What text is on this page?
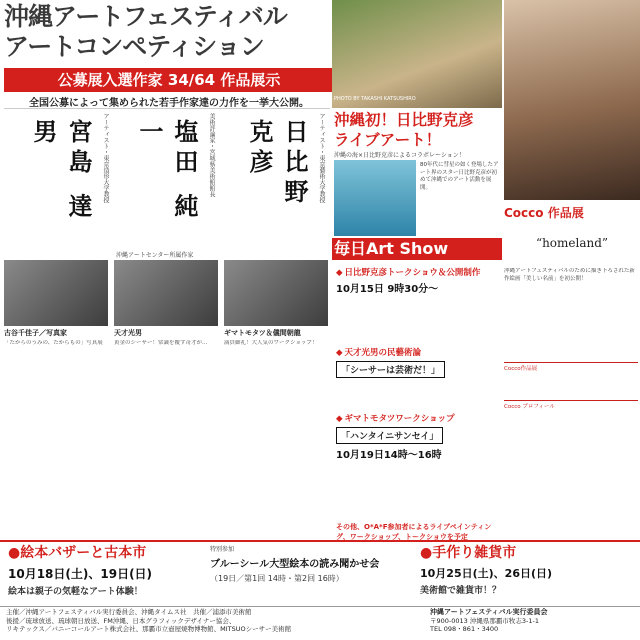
沖縄アートフェスティバル
アートコンペティション
公募展入選作家 34/64 作品展示
全国公募によって集められた若手作家達の力作を一挙大公開。
アーティスト・東京造形大学教授
宮島 達男	美術評論家・宮城県美術館館長
塩田 純一	アーティスト・東京藝術大学教授
日比野 克彦
沖縄アートセンター所属作家
古谷千佳子／写真家
「たからのうみの、たからもの」写真展
天才光男
黄金のシーサー！常識を覆す奇才が...
ギマトモタツ＆儀間朝龍
満員御礼！大人気のワークショップ！
PHOTO BY TAKASHI KATSUSHIRO
沖縄初！日比野克彦
ライブアート！
沖縄の海×日比野克彦によるコラボレーション！
80年代に彗星の如く登場したアート界のスター日比野克彦が初めて沖縄でのアート活動を展開。
毎日Art Show
◆ 日比野克彦トークショウ＆公開制作
10月15日 9時30分～
◆ 天才光男の民藝術論
「シーサーは芸術だ！」
◆ ギマトモタツワークショップ
「ハンタイニサンセイ」
10月19日14時～16時
その他、O*A*F参加者によるライブペインティング、ワークショップ、トークショウを予定
Cocco 作品展
“homeland”
沖縄アートフェスティバルのために描き下ろされた新作絵画「美しい名前」を初公開！
Cocco作品展
Cocco プロフィール
●絵本バザーと古本市
10月18日(土)、19日(日)
絵本は親子の気軽なアート体験！
特別参加
ブルーシール大型絵本の読み聞かせ会
（19日／第1回 14時・第2回 16時）
●手作り雑貨市
10月25日(土)、26日(日)
美術館で雑貨市！？
主催／沖縄アートフェスティバル実行委員会、沖縄タイムス社　共催／浦添市美術館
後援／琉球放送、琉球朝日放送、FM沖縄、日本グラフィックデザイナー協会、
リキテックス／バニーコールアート株式会社、那覇市立壺屋焼物博物館、MITSUOシーサー美術館
沖縄アートフェスティバル実行委員会
〒900-0013 沖縄県那覇市牧志3-1-1
TEL 098・861・3400
